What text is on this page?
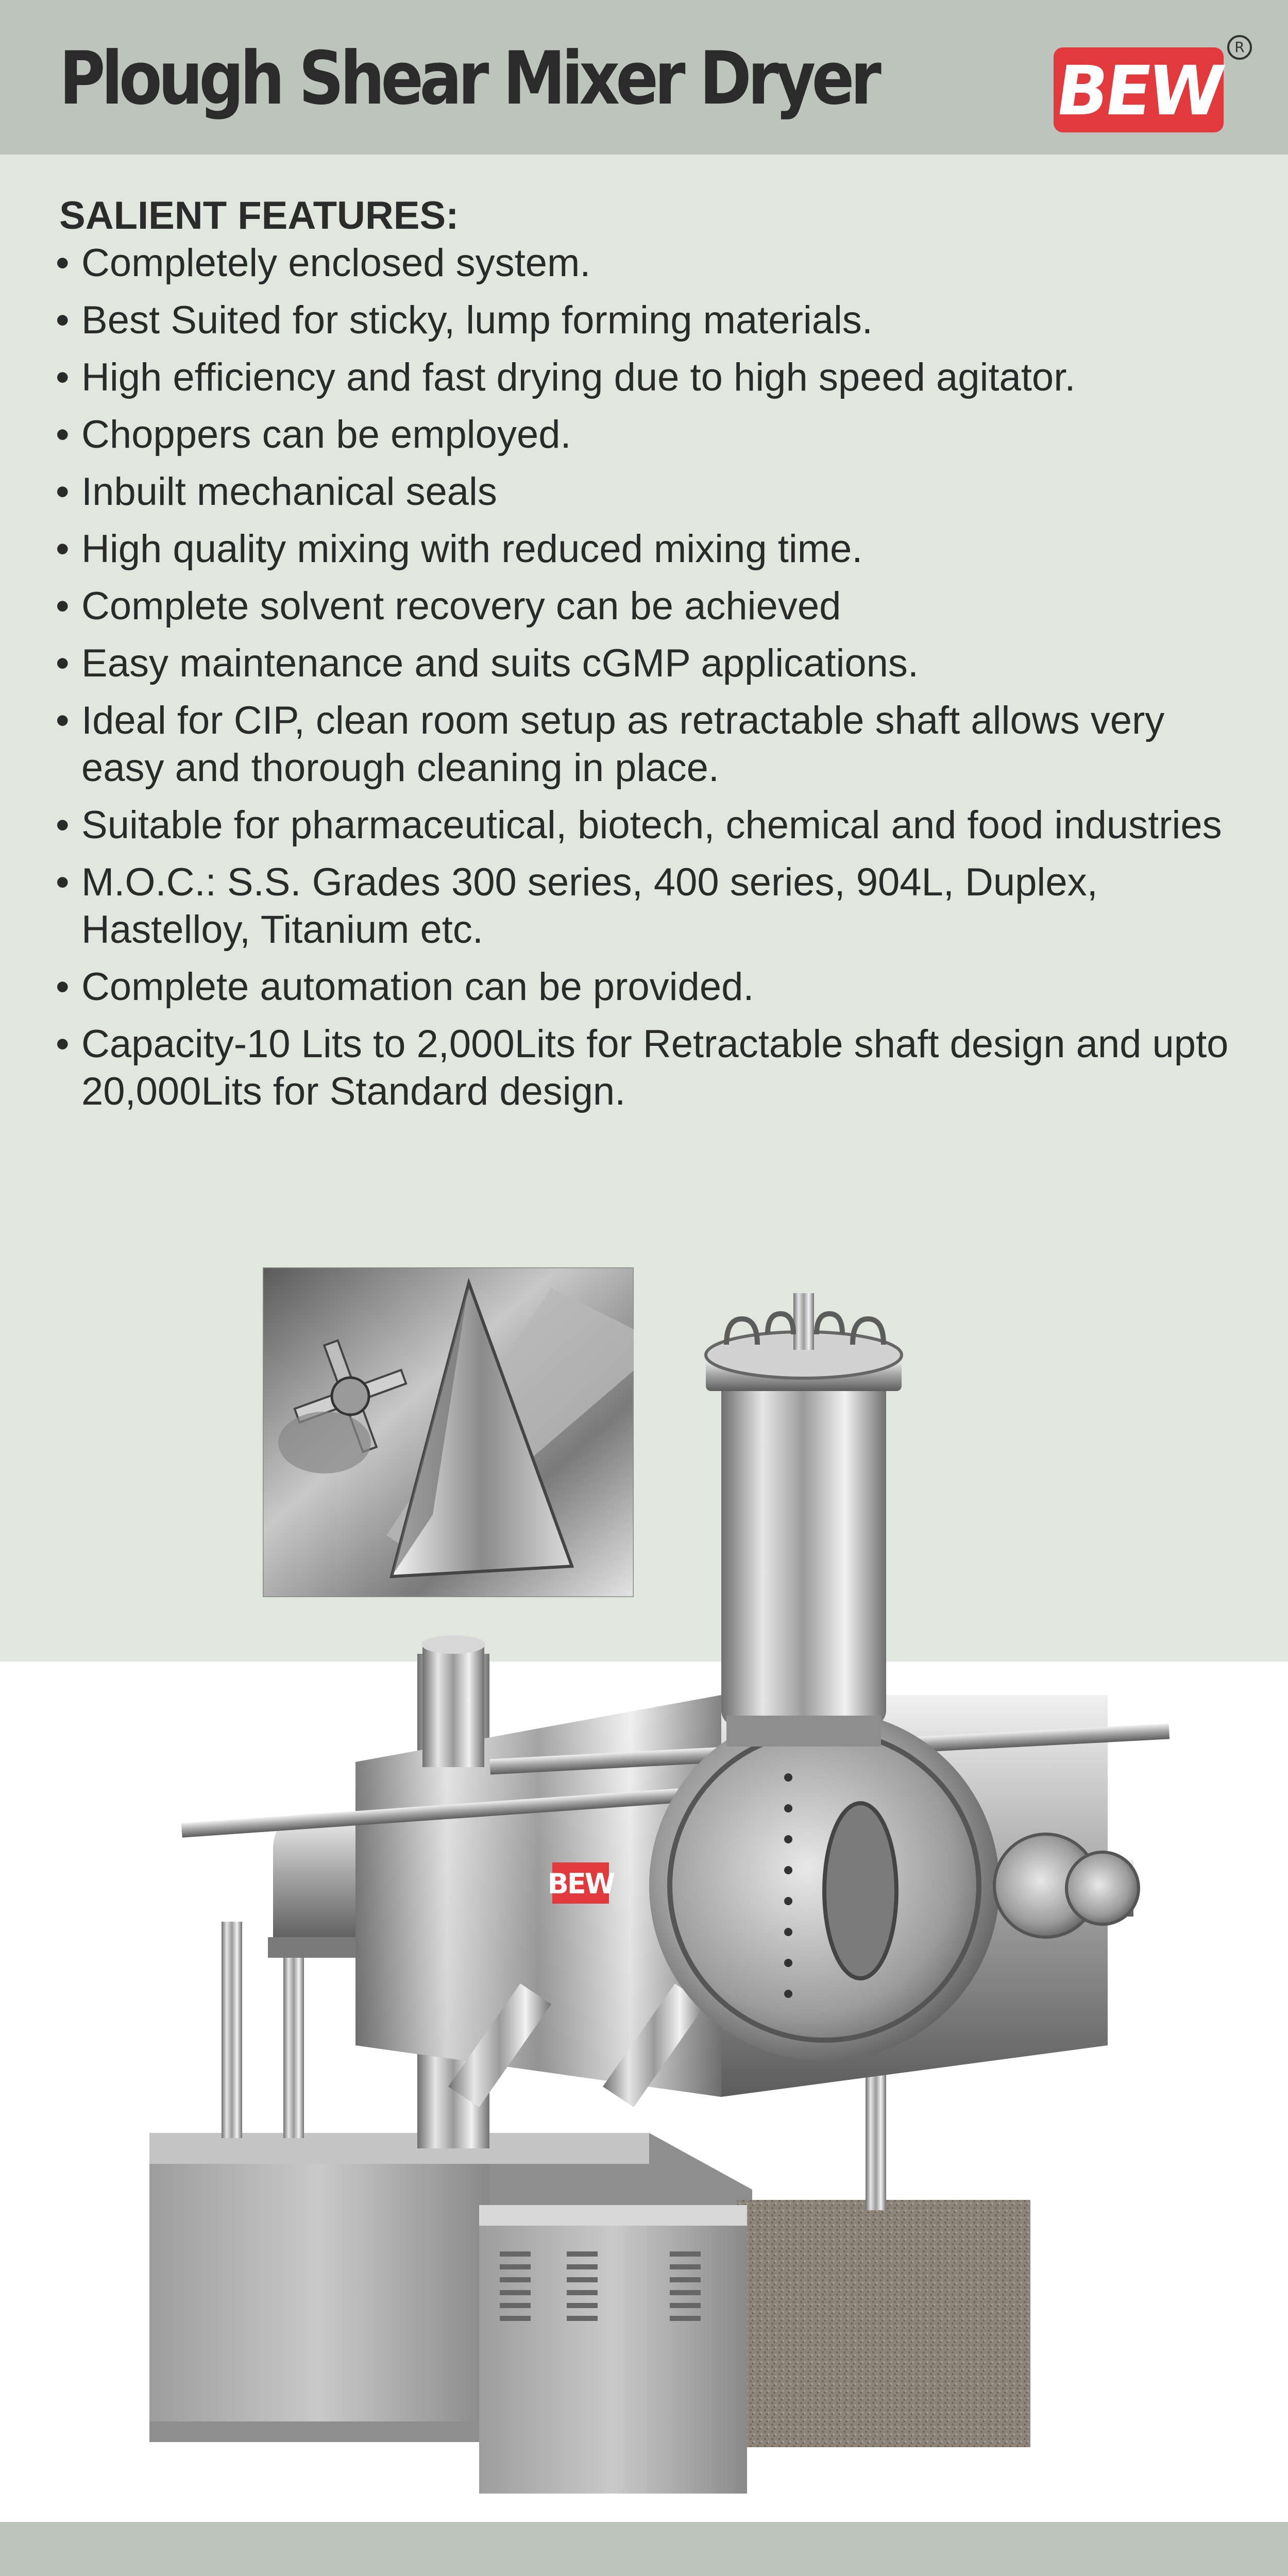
Plough Shear Mixer Dryer	BEW
R
SALIENT FEATURES:
• Completely enclosed system.
• Best Suited for sticky, lump forming materials.
• High efficiency and fast drying due to high speed agitator.
• Choppers can be employed.
• Inbuilt mechanical seals
• High quality mixing with reduced mixing time.
• Complete solvent recovery can be achieved
• Easy maintenance and suits cGMP applications.
• Ideal for CIP, clean room setup as retractable shaft allows very easy and thorough cleaning in place.
• Suitable for pharmaceutical, biotech, chemical and food industries
• M.O.C.: S.S. Grades 300 series, 400 series, 904L, Duplex, Hastelloy, Titanium etc.
• Complete automation can be provided.
• Capacity-10 Lits to 2,000Lits for Retractable shaft design and upto 20,000Lits for Standard design.
BEW
